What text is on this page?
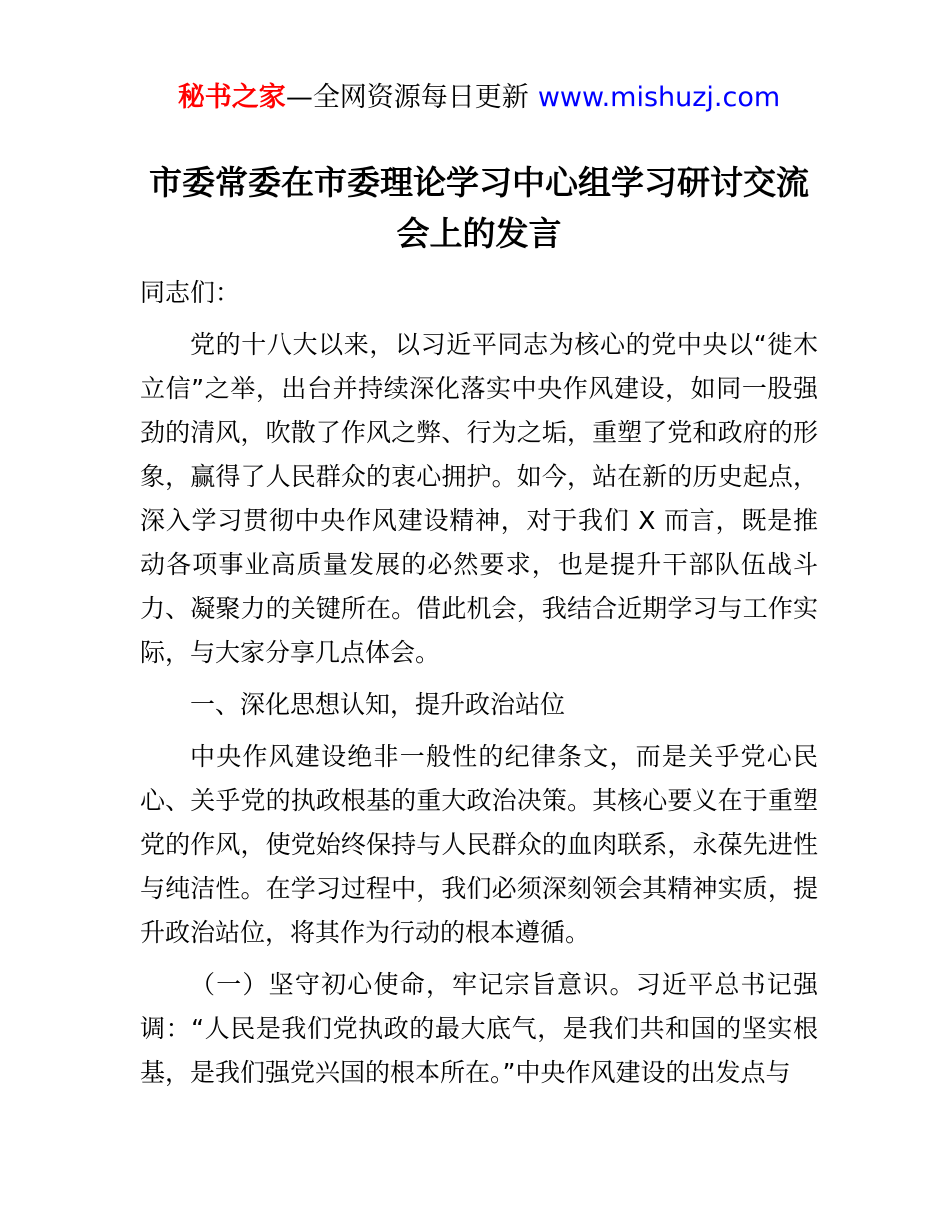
秘书之家—全网资源每日更新 www.mishuzj.com
市委常委在市委理论学习中心组学习研讨交流会上的发言

同志们：

党的十八大以来，以习近平同志为核心的党中央以“徙木立信”之举，出台并持续深化落实中央作风建设，如同一股强劲的清风，吹散了作风之弊、行为之垢，重塑了党和政府的形象，赢得了人民群众的衷心拥护。如今，站在新的历史起点，深入学习贯彻中央作风建设精神，对于我们 X 而言，既是推动各项事业高质量发展的必然要求，也是提升干部队伍战斗力、凝聚力的关键所在。借此机会，我结合近期学习与工作实际，与大家分享几点体会。

一、深化思想认知，提升政治站位

中央作风建设绝非一般性的纪律条文，而是关乎党心民心、关乎党的执政根基的重大政治决策。其核心要义在于重塑党的作风，使党始终保持与人民群众的血肉联系，永葆先进性与纯洁性。在学习过程中，我们必须深刻领会其精神实质，提升政治站位，将其作为行动的根本遵循。

（一）坚守初心使命，牢记宗旨意识。习近平总书记强调：“人民是我们党执政的最大底气，是我们共和国的坚实根基，是我们强党兴国的根本所在。”中央作风建设的出发点与
